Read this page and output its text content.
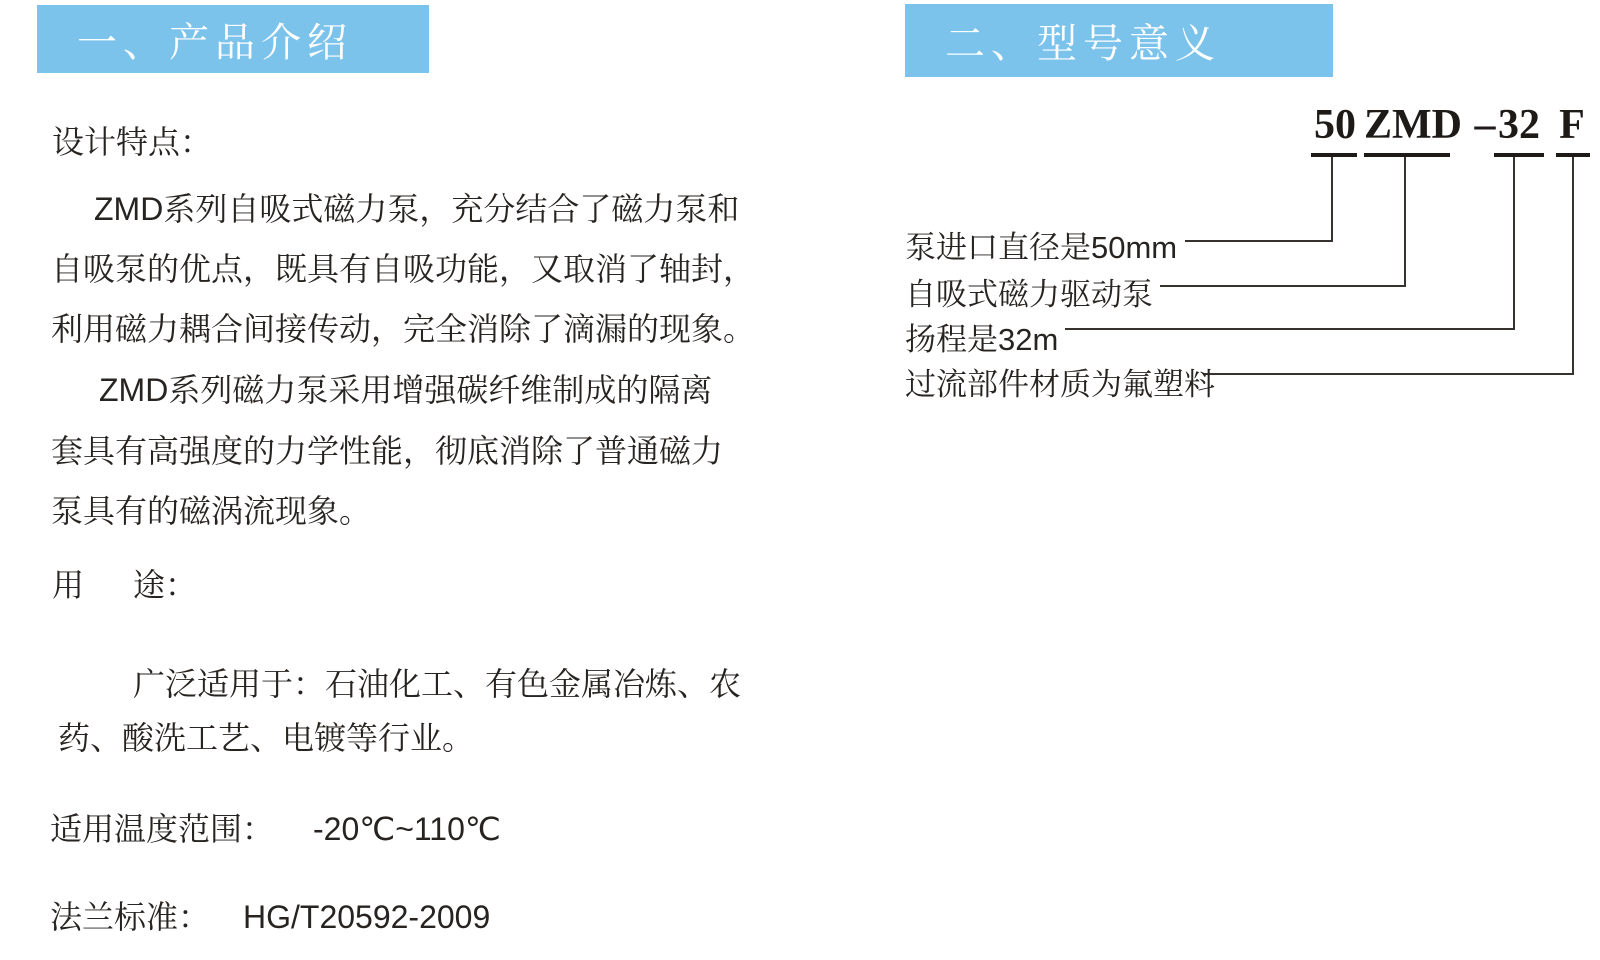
一、产品介绍
设计特点：
ZMD系列自吸式磁力泵，充分结合了磁力泵和
自吸泵的优点，既具有自吸功能，又取消了轴封，
利用磁力耦合间接传动，完全消除了滴漏的现象。
ZMD系列磁力泵采用增强碳纤维制成的隔离
套具有高强度的力学性能，彻底消除了普通磁力
泵具有的磁涡流现象。
用 途：
广泛适用于：石油化工、有色金属冶炼、农
药、酸洗工艺、电镀等行业。
适用温度范围： -20℃~110℃
法兰标准： HG/T20592-2009
二、型号意义
50 ZMD – 32 F
泵进口直径是50mm
自吸式磁力驱动泵
扬程是32m
过流部件材质为氟塑料
